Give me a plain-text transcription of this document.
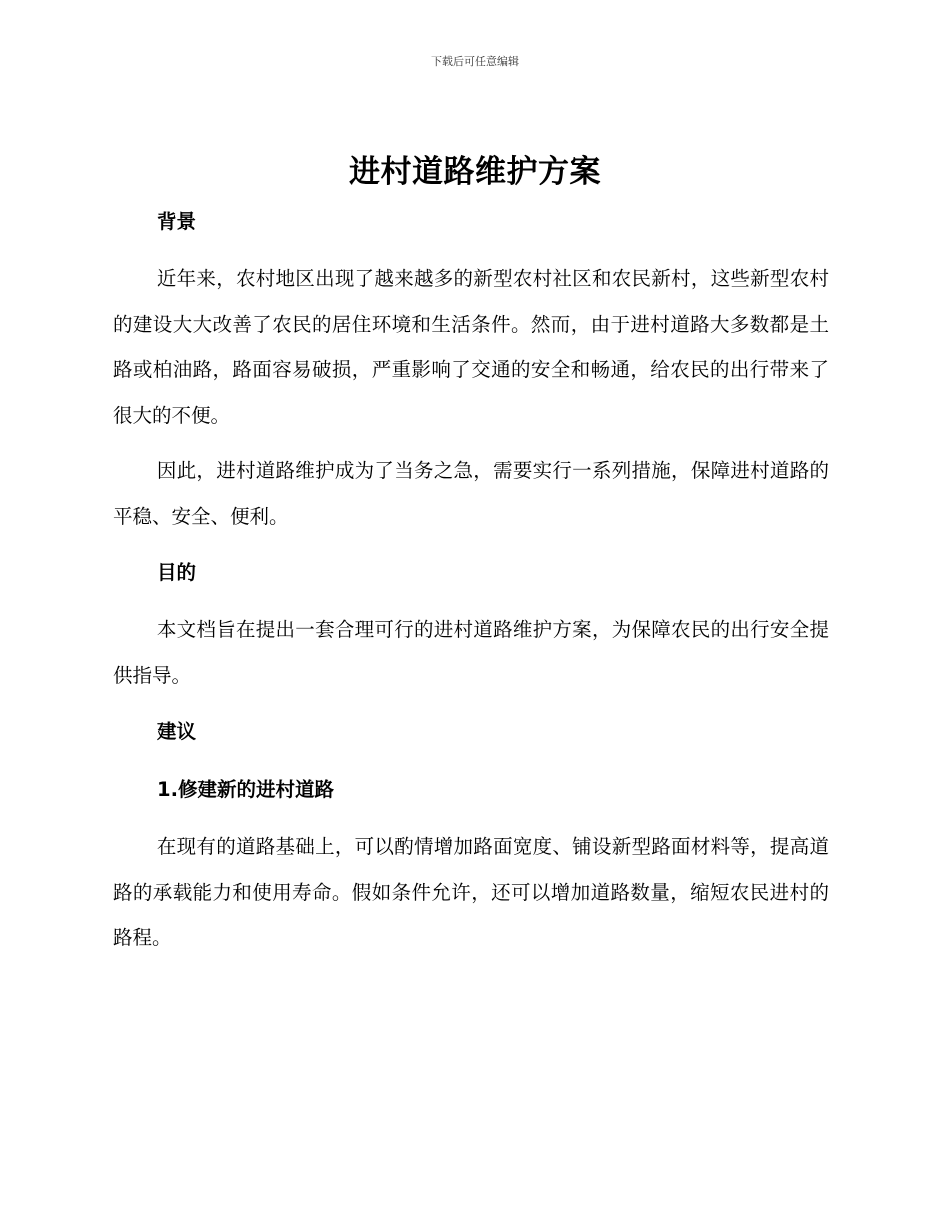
下载后可任意编辑
进村道路维护方案
背景

近年来，农村地区出现了越来越多的新型农村社区和农民新村，这些新型农村的建设大大改善了农民的居住环境和生活条件。然而，由于进村道路大多数都是土路或柏油路，路面容易破损，严重影响了交通的安全和畅通，给农民的出行带来了很大的不便。

因此，进村道路维护成为了当务之急，需要实行一系列措施，保障进村道路的平稳、安全、便利。

目的

本文档旨在提出一套合理可行的进村道路维护方案，为保障农民的出行安全提供指导。

建议
1.修建新的进村道路

在现有的道路基础上，可以酌情增加路面宽度、铺设新型路面材料等，提高道路的承载能力和使用寿命。假如条件允许，还可以增加道路数量，缩短农民进村的路程。
